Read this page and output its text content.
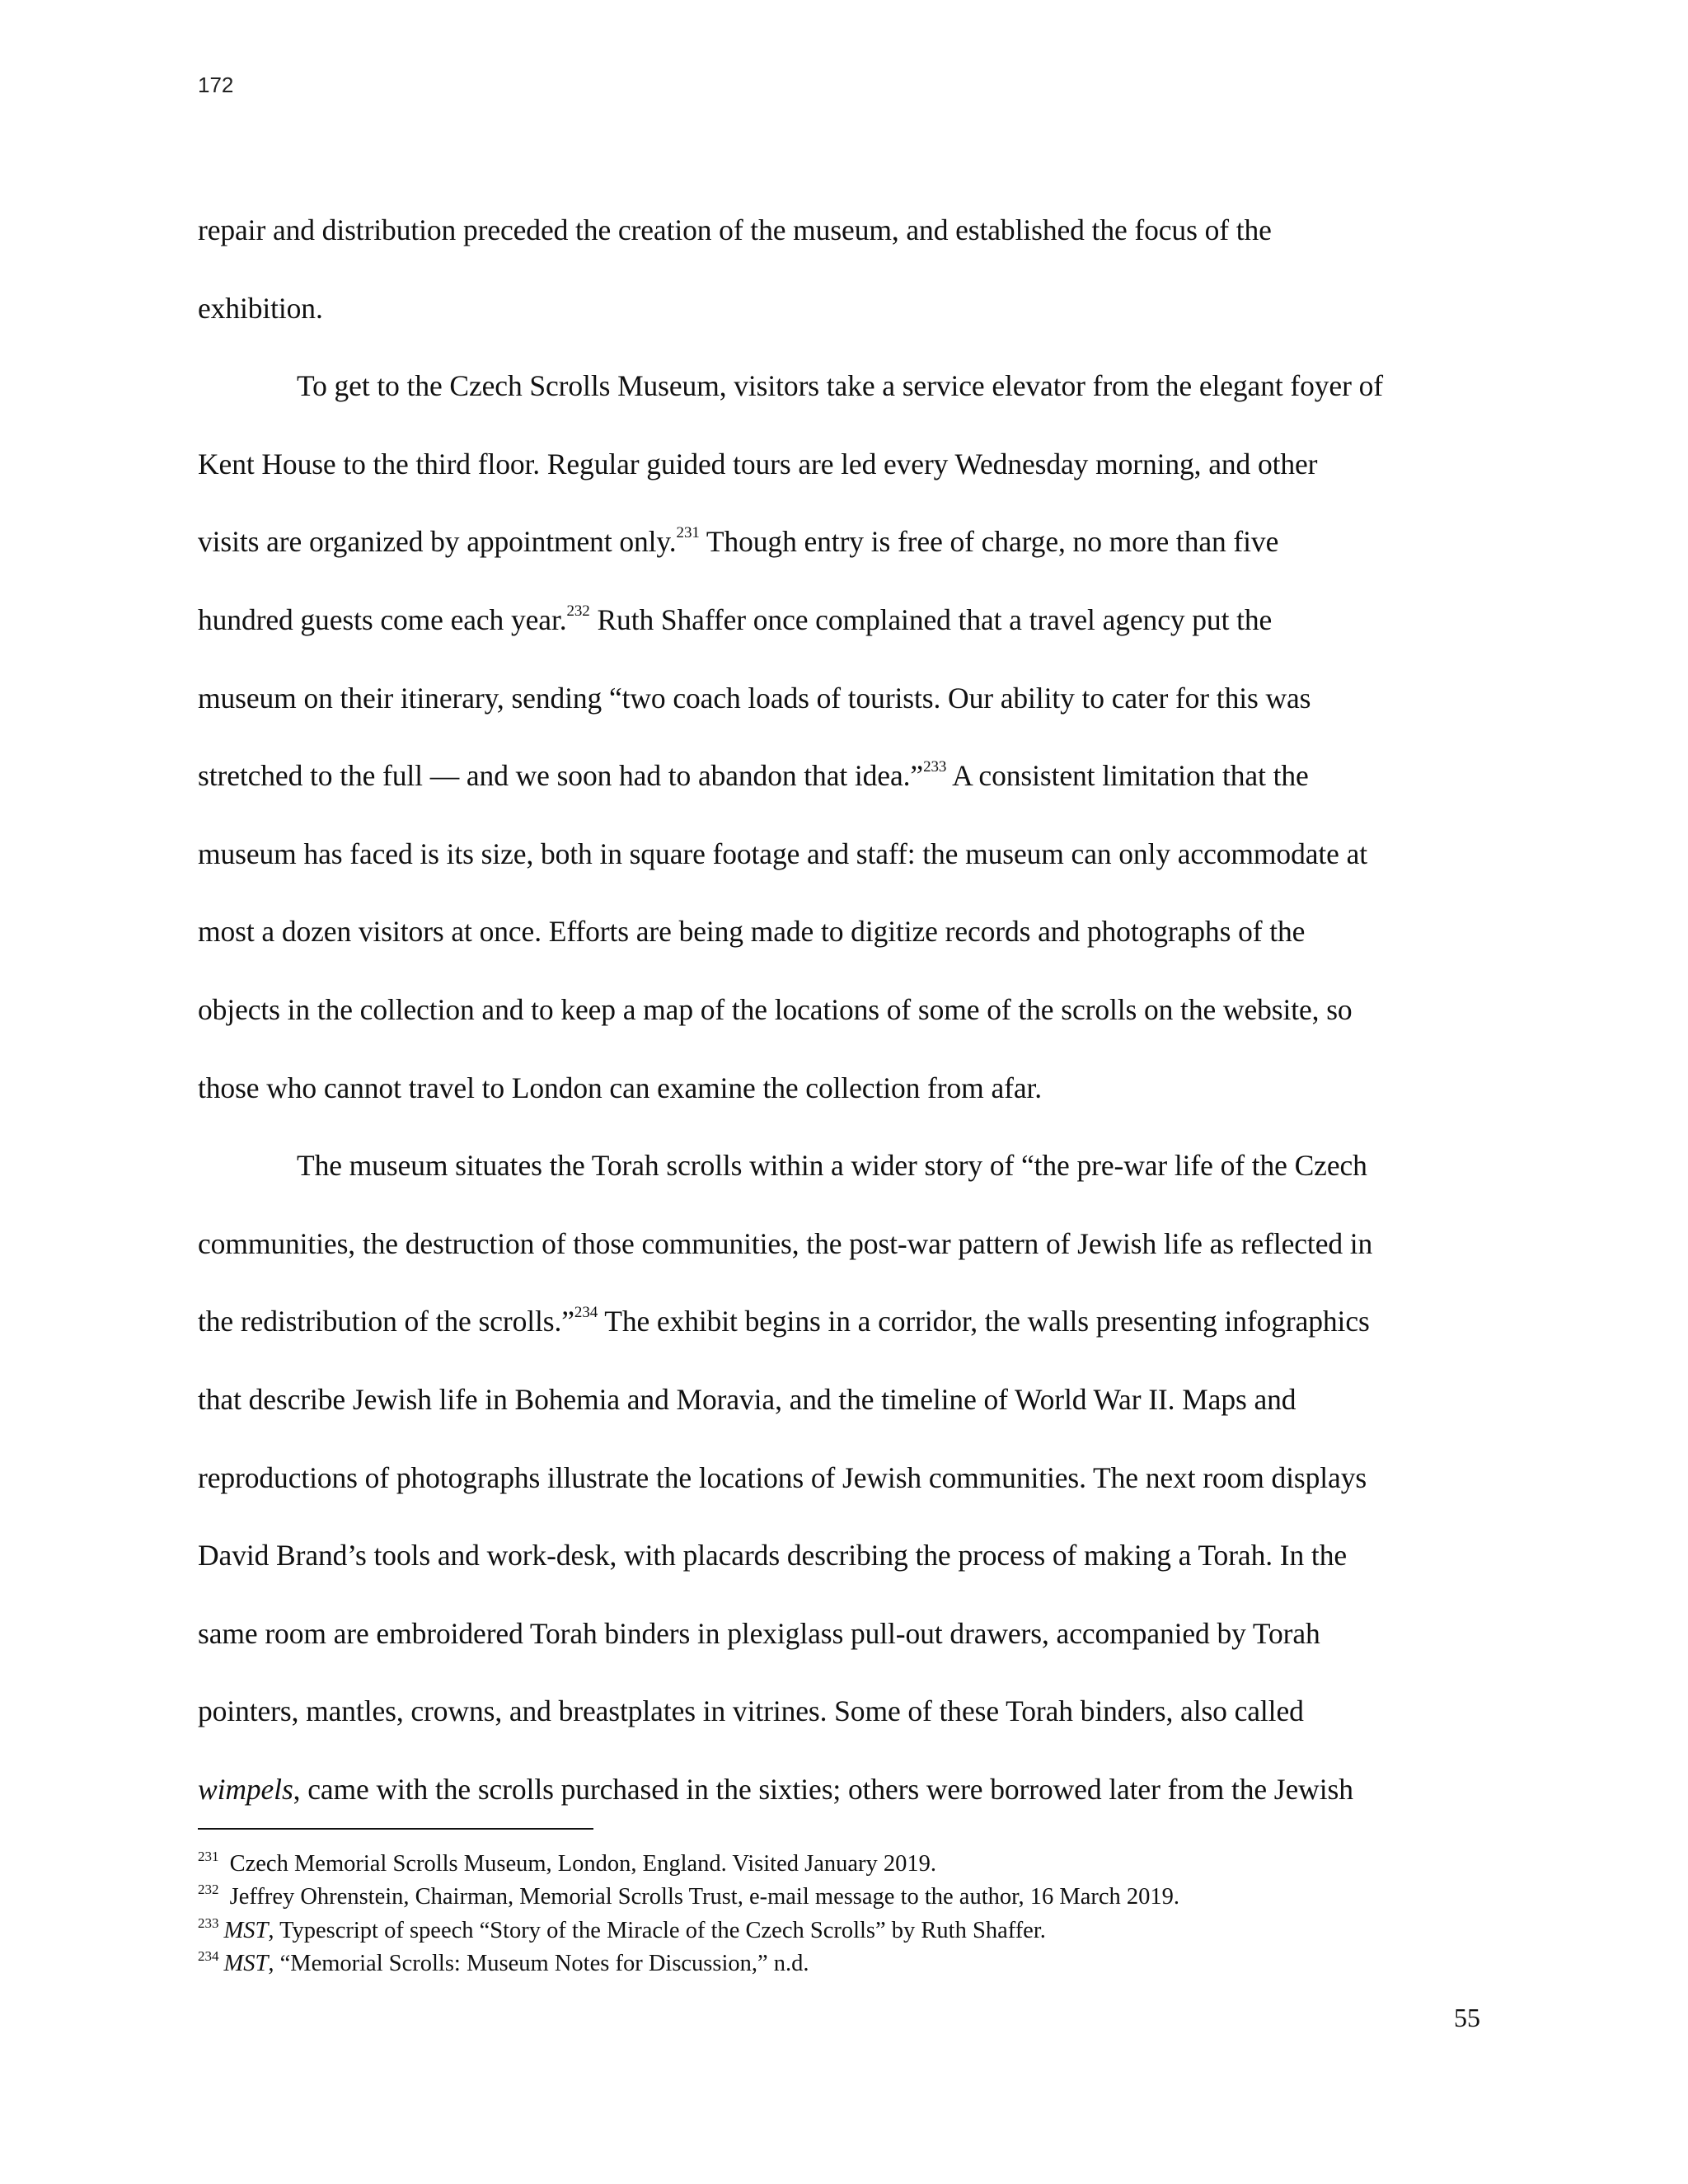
172
repair and distribution preceded the creation of the museum, and established the focus of the
exhibition.
To get to the Czech Scrolls Museum, visitors take a service elevator from the elegant foyer of
Kent House to the third floor. Regular guided tours are led every Wednesday morning, and other
visits are organized by appointment only.$^{231}$ Though entry is free of charge, no more than five
hundred guests come each year.$^{232}$ Ruth Shaffer once complained that a travel agency put the
museum on their itinerary, sending “two coach loads of tourists. Our ability to cater for this was
stretched to the full — and we soon had to abandon that idea.”$^{233}$ A consistent limitation that the
museum has faced is its size, both in square footage and staff: the museum can only accommodate at
most a dozen visitors at once. Efforts are being made to digitize records and photographs of the
objects in the collection and to keep a map of the locations of some of the scrolls on the website, so
those who cannot travel to London can examine the collection from afar.
The museum situates the Torah scrolls within a wider story of “the pre-war life of the Czech
communities, the destruction of those communities, the post-war pattern of Jewish life as reflected in
the redistribution of the scrolls.”$^{234}$ The exhibit begins in a corridor, the walls presenting infographics
that describe Jewish life in Bohemia and Moravia, and the timeline of World War II. Maps and
reproductions of photographs illustrate the locations of Jewish communities. The next room displays
David Brand’s tools and work-desk, with placards describing the process of making a Torah. In the
same room are embroidered Torah binders in plexiglass pull-out drawers, accompanied by Torah
pointers, mantles, crowns, and breastplates in vitrines. Some of these Torah binders, also called
wimpels, came with the scrolls purchased in the sixties; others were borrowed later from the Jewish
$^{231}$ Czech Memorial Scrolls Museum, London, England. Visited January 2019.
$^{232}$ Jeffrey Ohrenstein, Chairman, Memorial Scrolls Trust, e-mail message to the author, 16 March 2019.
$^{233}$ MST, Typescript of speech “Story of the Miracle of the Czech Scrolls” by Ruth Shaffer.
$^{234}$ MST, “Memorial Scrolls: Museum Notes for Discussion,” n.d.
55
